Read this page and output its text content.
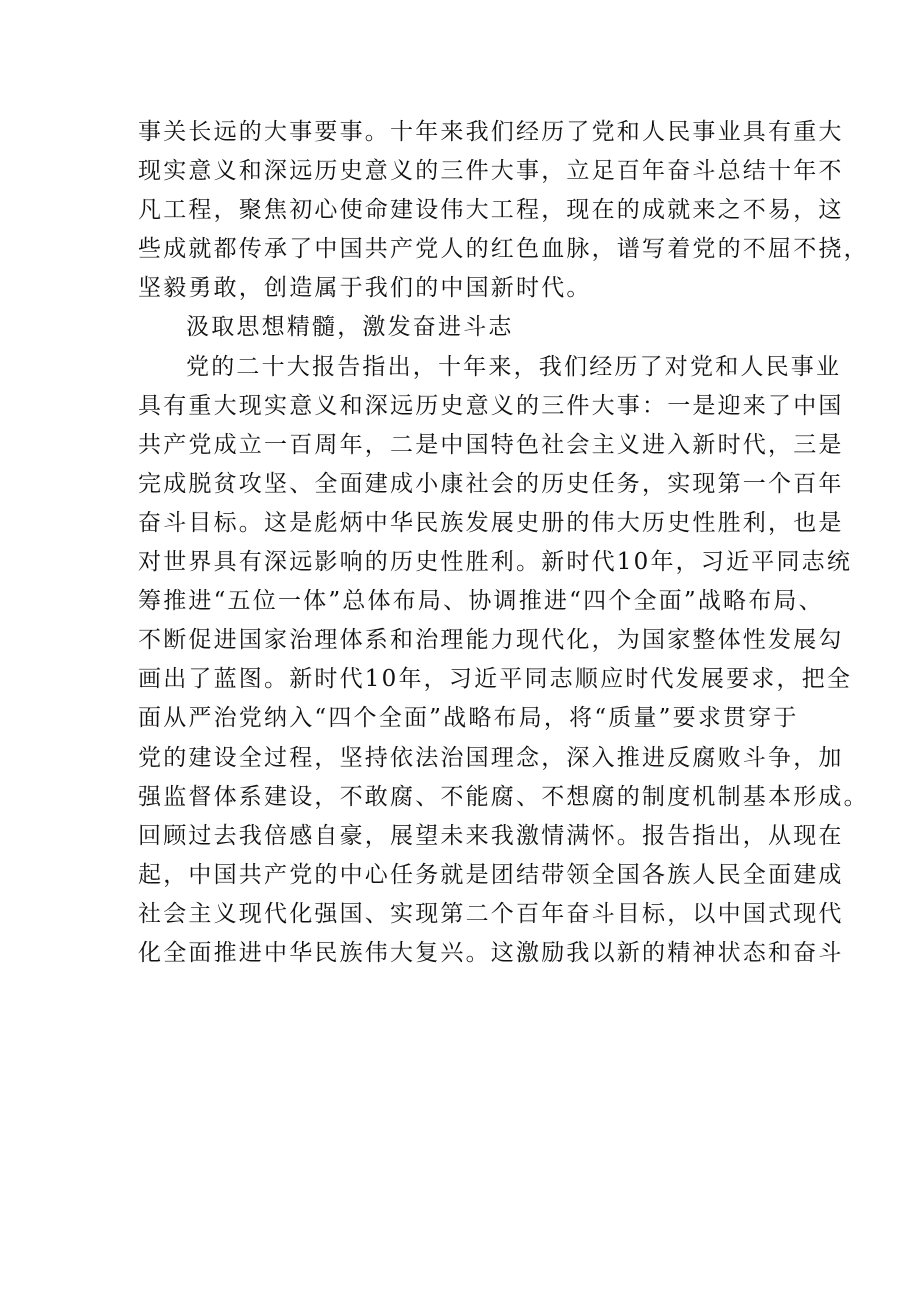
事关长远的大事要事。十年来我们经历了党和人民事业具有重大
现实意义和深远历史意义的三件大事，立足百年奋斗总结十年不
凡工程，聚焦初心使命建设伟大工程，现在的成就来之不易，这
些成就都传承了中国共产党人的红色血脉，谱写着党的不屈不挠，
坚毅勇敢，创造属于我们的中国新时代。
汲取思想精髓，激发奋进斗志
党的二十大报告指出，十年来，我们经历了对党和人民事业
具有重大现实意义和深远历史意义的三件大事：一是迎来了中国
共产党成立一百周年，二是中国特色社会主义进入新时代，三是
完成脱贫攻坚、全面建成小康社会的历史任务，实现第一个百年
奋斗目标。这是彪炳中华民族发展史册的伟大历史性胜利，也是
对世界具有深远影响的历史性胜利。新时代10年，习近平同志统
筹推进“五位一体”总体布局、协调推进“四个全面”战略布局、
不断促进国家治理体系和治理能力现代化，为国家整体性发展勾
画出了蓝图。新时代10年，习近平同志顺应时代发展要求，把全
面从严治党纳入“四个全面”战略布局，将“质量”要求贯穿于
党的建设全过程，坚持依法治国理念，深入推进反腐败斗争，加
强监督体系建设，不敢腐、不能腐、不想腐的制度机制基本形成。
回顾过去我倍感自豪，展望未来我激情满怀。报告指出，从现在
起，中国共产党的中心任务就是团结带领全国各族人民全面建成
社会主义现代化强国、实现第二个百年奋斗目标，以中国式现代
化全面推进中华民族伟大复兴。这激励我以新的精神状态和奋斗
